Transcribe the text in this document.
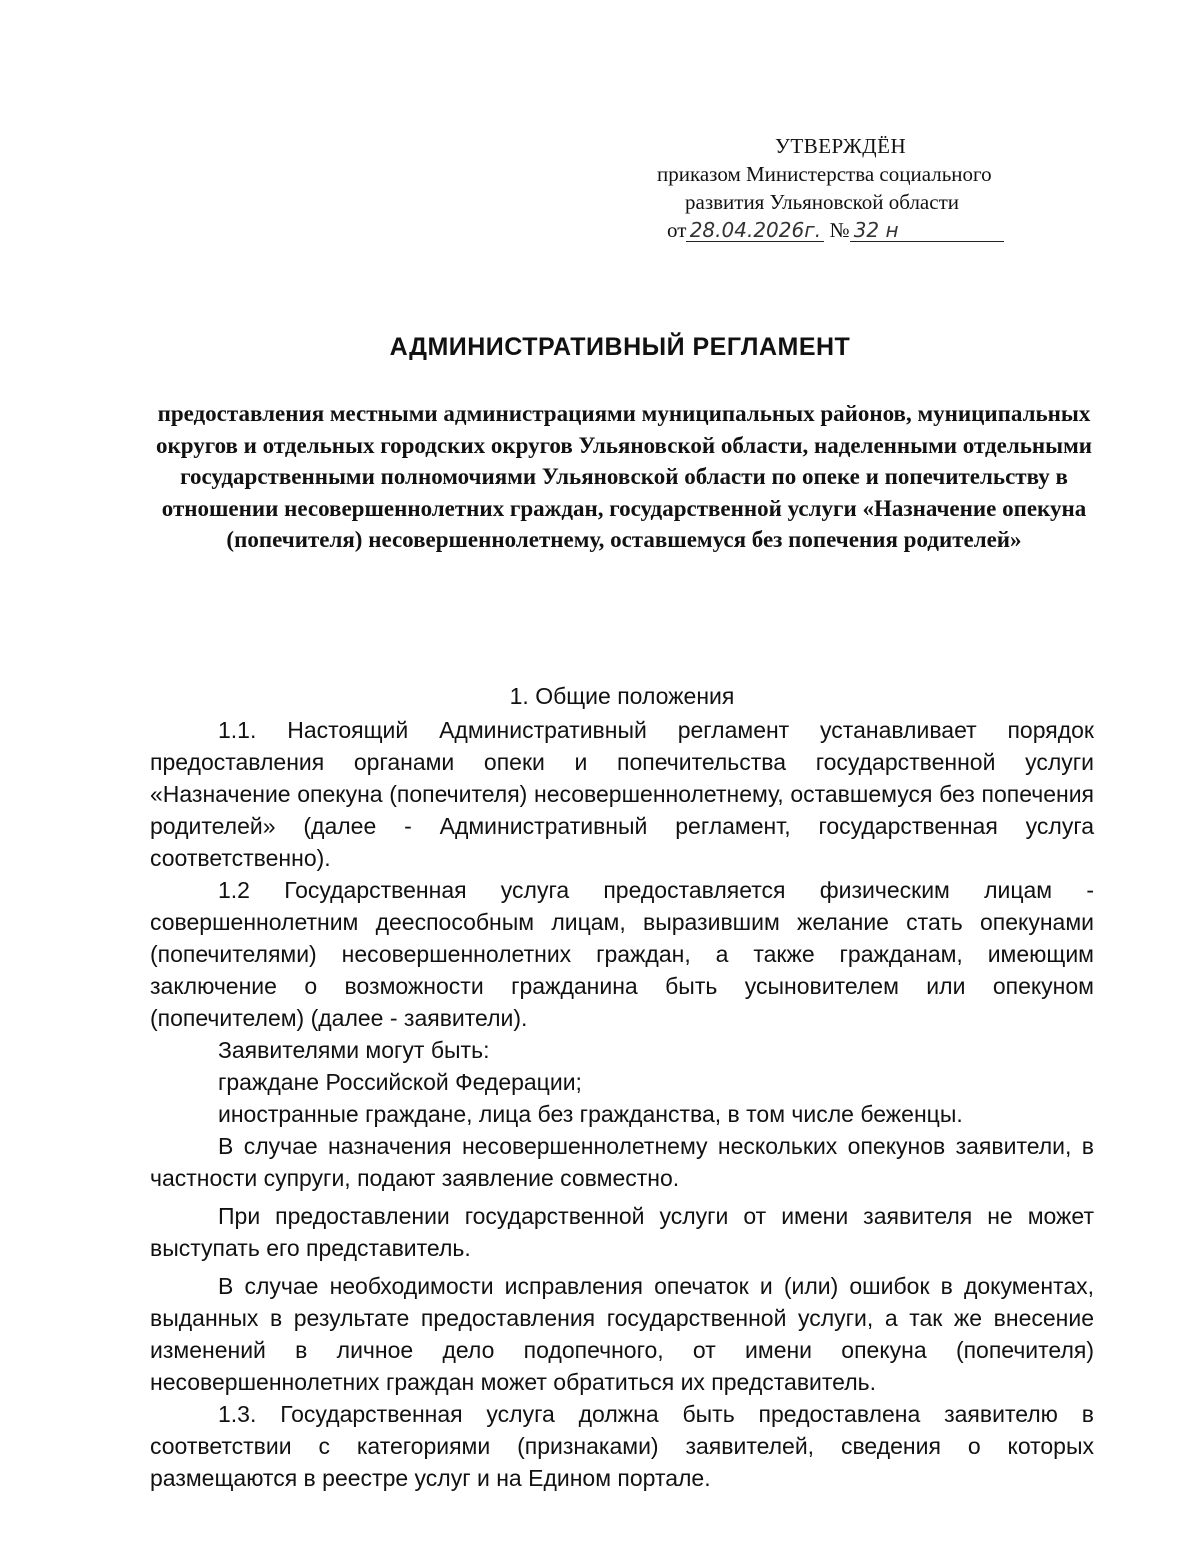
УТВЕРЖДЁН
приказом Министерства социального
развития Ульяновской области
от 28.04.2026г. № 32 н
АДМИНИСТРАТИВНЫЙ РЕГЛАМЕНТ
предоставления местными администрациями муниципальных районов, муниципальных округов и отдельных городских округов Ульяновской области, наделенными отдельными государственными полномочиями Ульяновской области по опеке и попечительству в отношении несовершеннолетних граждан, государственной услуги «Назначение опекуна (попечителя) несовершеннолетнему, оставшемуся без попечения родителей»
1. Общие положения

1.1. Настоящий Административный регламент устанавливает порядок предоставления органами опеки и попечительства государственной услуги «Назначение опекуна (попечителя) несовершеннолетнему, оставшемуся без попечения родителей» (далее - Административный регламент, государственная услуга соответственно).

1.2 Государственная услуга предоставляется физическим лицам - совершеннолетним дееспособным лицам, выразившим желание стать опекунами (попечителями) несовершеннолетних граждан, а также гражданам, имеющим заключение о возможности гражданина быть усыновителем или опекуном (попечителем) (далее - заявители).

Заявителями могут быть:

граждане Российской Федерации;

иностранные граждане, лица без гражданства, в том числе беженцы.

В случае назначения несовершеннолетнему нескольких опекунов заявители, в частности супруги, подают заявление совместно.

При предоставлении государственной услуги от имени заявителя не может выступать его представитель.

В случае необходимости исправления опечаток и (или) ошибок в документах, выданных в результате предоставления государственной услуги, а так же внесение изменений в личное дело подопечного, от имени опекуна (попечителя) несовершеннолетних граждан может обратиться их представитель.

1.3. Государственная услуга должна быть предоставлена заявителю в соответствии с категориями (признаками) заявителей, сведения о которых размещаются в реестре услуг и на Едином портале.
